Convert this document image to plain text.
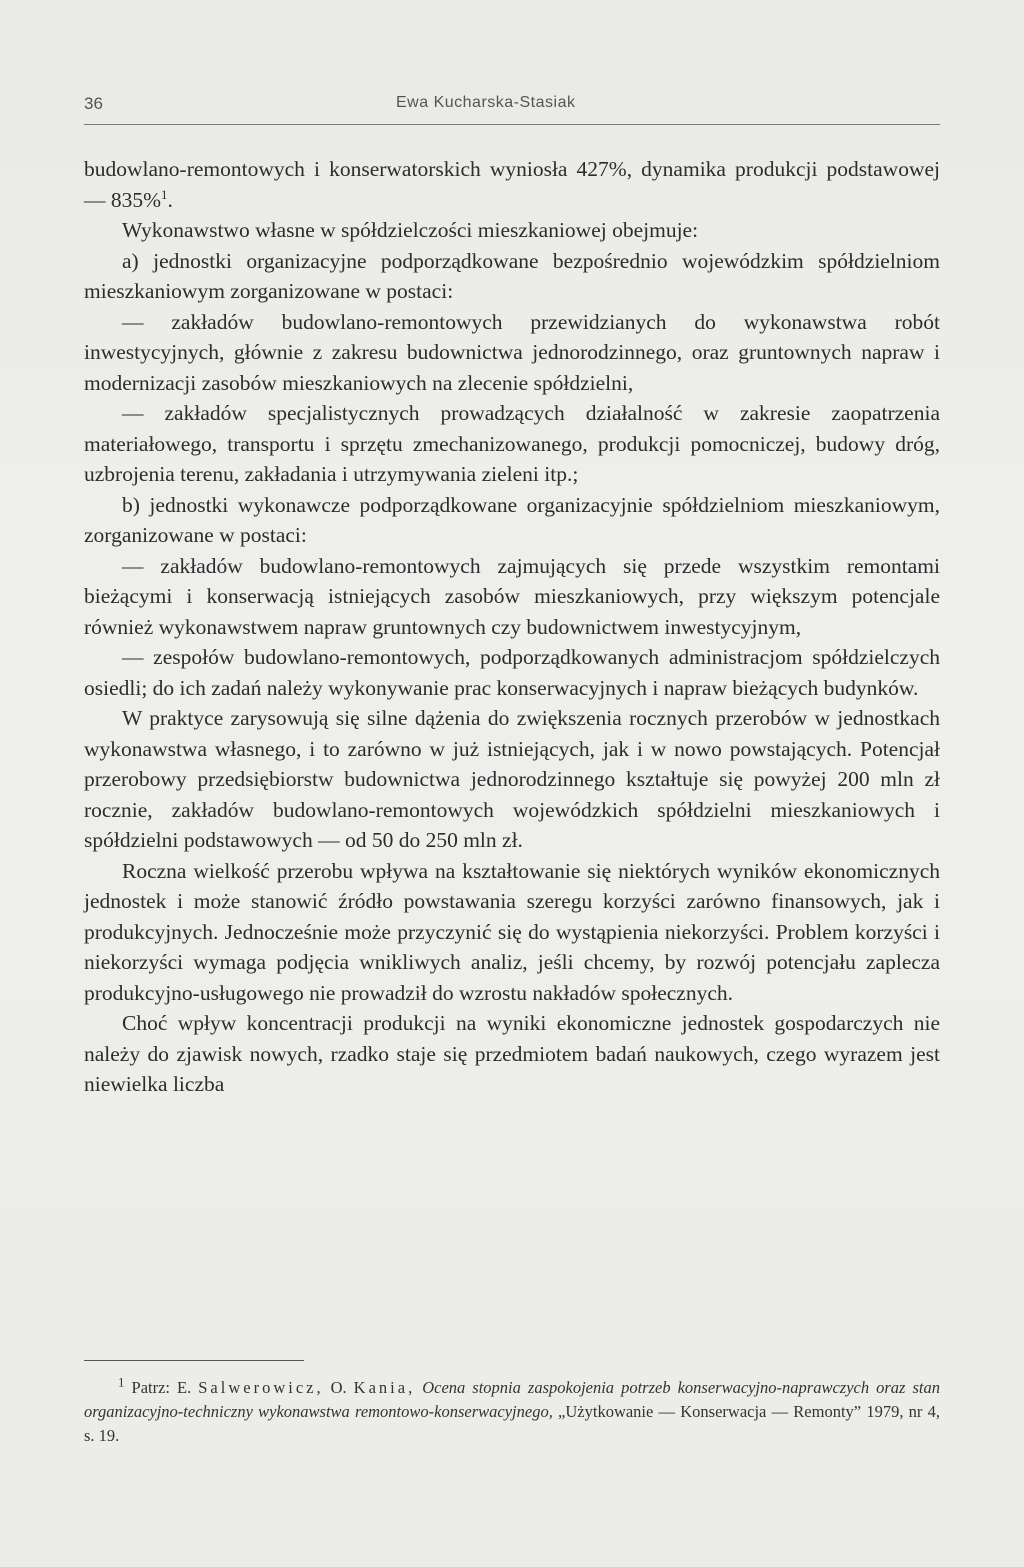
36	Ewa Kucharska-Stasiak

budowlano-remontowych i konserwatorskich wyniosła 427%, dynamika produkcji podstawowej — 835%$^1$.

Wykonawstwo własne w spółdzielczości mieszkaniowej obejmuje:

a) jednostki organizacyjne podporządkowane bezpośrednio wojewódzkim spółdzielniom mieszkaniowym zorganizowane w postaci:

— zakładów budowlano-remontowych przewidzianych do wykonawstwa robót inwestycyjnych, głównie z zakresu budownictwa jednorodzinnego, oraz gruntownych napraw i modernizacji zasobów mieszkaniowych na zlecenie spółdzielni,

— zakładów specjalistycznych prowadzących działalność w zakresie zaopatrzenia materiałowego, transportu i sprzętu zmechanizowanego, produkcji pomocniczej, budowy dróg, uzbrojenia terenu, zakładania i utrzymywania zieleni itp.;

b) jednostki wykonawcze podporządkowane organizacyjnie spółdzielniom mieszkaniowym, zorganizowane w postaci:

— zakładów budowlano-remontowych zajmujących się przede wszystkim remontami bieżącymi i konserwacją istniejących zasobów mieszkaniowych, przy większym potencjale również wykonawstwem napraw gruntownych czy budownictwem inwestycyjnym,

— zespołów budowlano-remontowych, podporządkowanych administracjom spółdzielczych osiedli; do ich zadań należy wykonywanie prac konserwacyjnych i napraw bieżących budynków.

W praktyce zarysowują się silne dążenia do zwiększenia rocznych przerobów w jednostkach wykonawstwa własnego, i to zarówno w już istniejących, jak i w nowo powstających. Potencjał przerobowy przedsiębiorstw budownictwa jednorodzinnego kształtuje się powyżej 200 mln zł rocznie, zakładów budowlano-remontowych wojewódzkich spółdzielni mieszkaniowych i spółdzielni podstawowych — od 50 do 250 mln zł.

Roczna wielkość przerobu wpływa na kształtowanie się niektórych wyników ekonomicznych jednostek i może stanowić źródło powstawania szeregu korzyści zarówno finansowych, jak i produkcyjnych. Jednocześnie może przyczynić się do wystąpienia niekorzyści. Problem korzyści i niekorzyści wymaga podjęcia wnikliwych analiz, jeśli chcemy, by rozwój potencjału zaplecza produkcyjno-usługowego nie prowadził do wzrostu nakładów społecznych.

Choć wpływ koncentracji produkcji na wyniki ekonomiczne jednostek gospodarczych nie należy do zjawisk nowych, rzadko staje się przedmiotem badań naukowych, czego wyrazem jest niewielka liczba

$^1$ Patrz: E. Salwerowicz, O. Kania, Ocena stopnia zaspokojenia potrzeb konserwacyjno-naprawczych oraz stan organizacyjno-techniczny wykonawstwa remontowo-konserwacyjnego, „Użytkowanie — Konserwacja — Remonty” 1979, nr 4, s. 19.
